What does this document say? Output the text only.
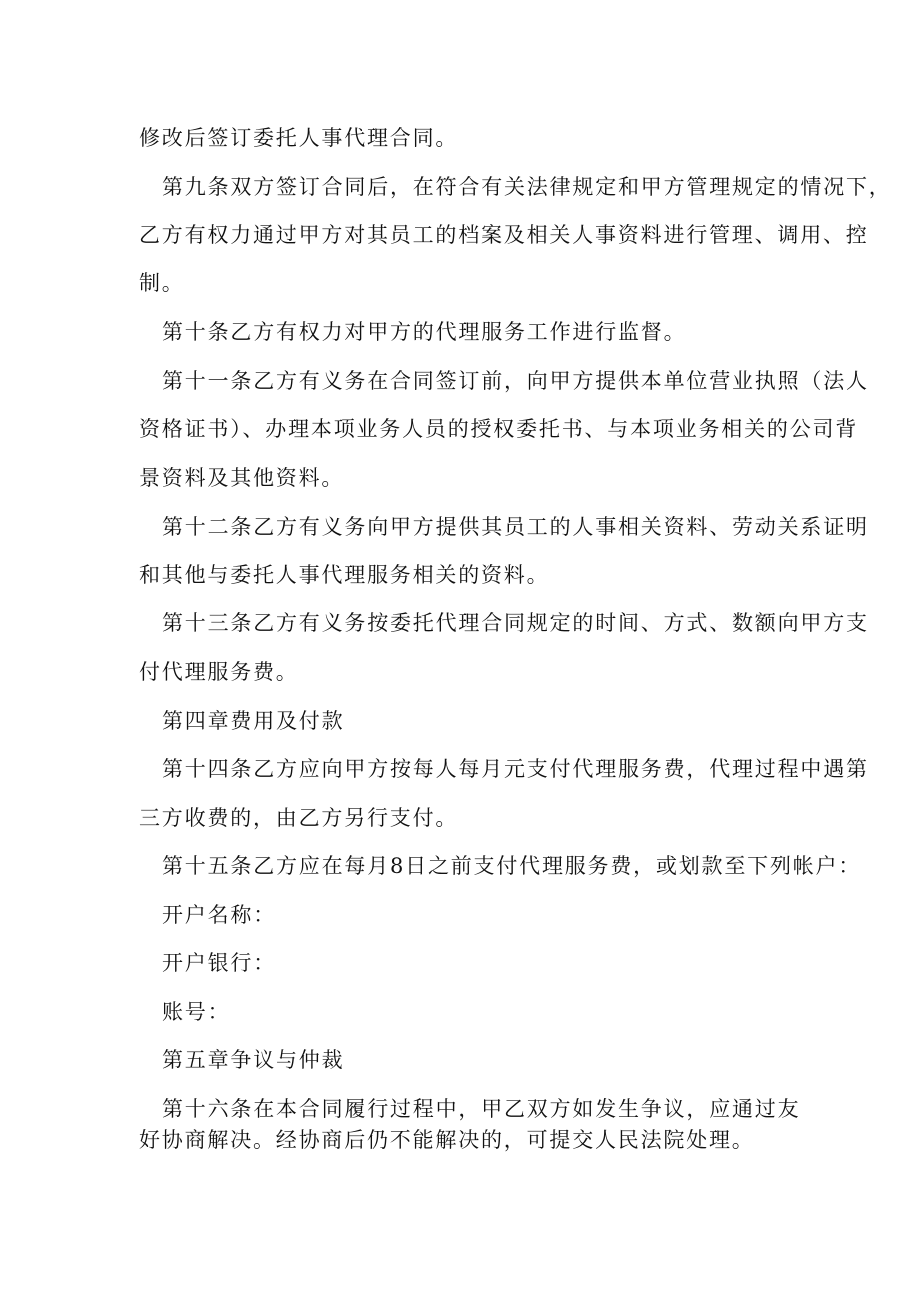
修改后签订委托人事代理合同。
第九条双方签订合同后，在符合有关法律规定和甲方管理规定的情况下，
乙方有权力通过甲方对其员工的档案及相关人事资料进行管理、调用、控
制。
第十条乙方有权力对甲方的代理服务工作进行监督。
第十一条乙方有义务在合同签订前，向甲方提供本单位营业执照（法人
资格证书）、办理本项业务人员的授权委托书、与本项业务相关的公司背
景资料及其他资料。
第十二条乙方有义务向甲方提供其员工的人事相关资料、劳动关系证明
和其他与委托人事代理服务相关的资料。
第十三条乙方有义务按委托代理合同规定的时间、方式、数额向甲方支
付代理服务费。
第四章费用及付款
第十四条乙方应向甲方按每人每月元支付代理服务费，代理过程中遇第
三方收费的，由乙方另行支付。
第十五条乙方应在每月8日之前支付代理服务费，或划款至下列帐户：
开户名称：
开户银行：
账号：
第五章争议与仲裁
第十六条在本合同履行过程中，甲乙双方如发生争议，应通过友
好协商解决。经协商后仍不能解决的，可提交人民法院处理。
